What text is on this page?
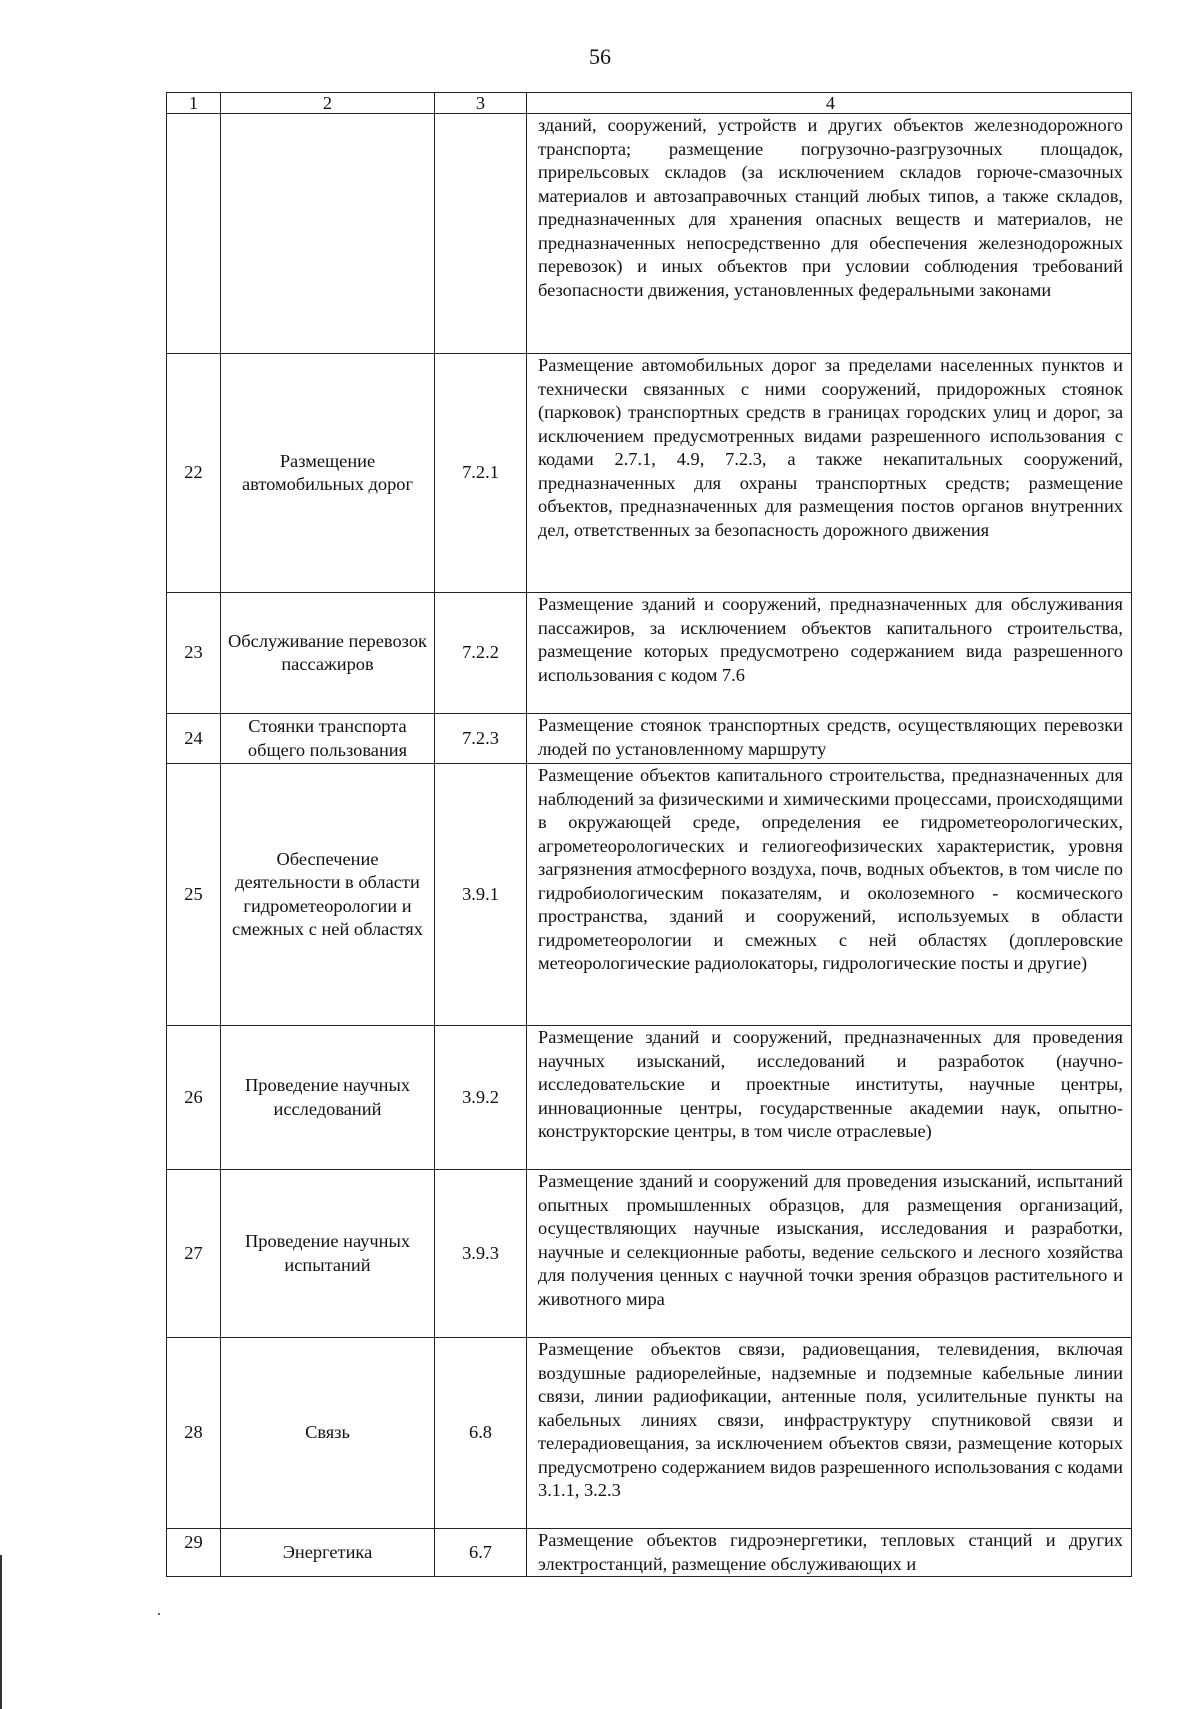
56
1	2	3	4
			зданий, сооружений, устройств и других объектов железнодорожного транспорта; размещение погрузочно-разгрузочных площадок, прирельсовых складов (за исключением складов горюче-смазочных материалов и автозаправочных станций любых типов, а также складов, предназначенных для хранения опасных веществ и материалов, не предназначенных непосредственно для обеспечения железнодорожных перевозок) и иных объектов при условии соблюдения требований безопасности движения, установленных федеральными законами
22	Размещение автомобильных дорог	7.2.1	Размещение автомобильных дорог за пределами населенных пунктов и технически связанных с ними сооружений, придорожных стоянок (парковок) транспортных средств в границах городских улиц и дорог, за исключением предусмотренных видами разрешенного использования с кодами 2.7.1, 4.9, 7.2.3, а также некапитальных сооружений, предназначенных для охраны транспортных средств; размещение объектов, предназначенных для размещения постов органов внутренних дел, ответственных за безопасность дорожного движения
23	Обслуживание перевозок пассажиров	7.2.2	Размещение зданий и сооружений, предназначенных для обслуживания пассажиров, за исключением объектов капитального строительства, размещение которых предусмотрено содержанием вида разрешенного использования с кодом 7.6
24	Стоянки транспорта общего пользования	7.2.3	Размещение стоянок транспортных средств, осуществляющих перевозки людей по установленному маршруту
25	Обеспечение деятельности в области гидрометеорологии и смежных с ней областях	3.9.1	Размещение объектов капитального строительства, предназначенных для наблюдений за физическими и химическими процессами, происходящими в окружающей среде, определения ее гидрометеорологических, агрометеорологических и гелиогеофизических характеристик, уровня загрязнения атмосферного воздуха, почв, водных объектов, в том числе по гидробиологическим показателям, и околоземного - космического пространства, зданий и сооружений, используемых в области гидрометеорологии и смежных с ней областях (доплеровские метеорологические радиолокаторы, гидрологические посты и другие)
26	Проведение научных исследований	3.9.2	Размещение зданий и сооружений, предназначенных для проведения научных изысканий, исследований и разработок (научно-исследовательские и проектные институты, научные центры, инновационные центры, государственные академии наук, опытно-конструкторские центры, в том числе отраслевые)
27	Проведение научных испытаний	3.9.3	Размещение зданий и сооружений для проведения изысканий, испытаний опытных промышленных образцов, для размещения организаций, осуществляющих научные изыскания, исследования и разработки, научные и селекционные работы, ведение сельского и лесного хозяйства для получения ценных с научной точки зрения образцов растительного и животного мира
28	Связь	6.8	Размещение объектов связи, радиовещания, телевидения, включая воздушные радиорелейные, надземные и подземные кабельные линии связи, линии радиофикации, антенные поля, усилительные пункты на кабельных линиях связи, инфраструктуру спутниковой связи и телерадиовещания, за исключением объектов связи, размещение которых предусмотрено содержанием видов разрешенного использования с кодами 3.1.1, 3.2.3
29	Энергетика	6.7	Размещение объектов гидроэнергетики, тепловых станций и других электростанций, размещение обслуживающих и
